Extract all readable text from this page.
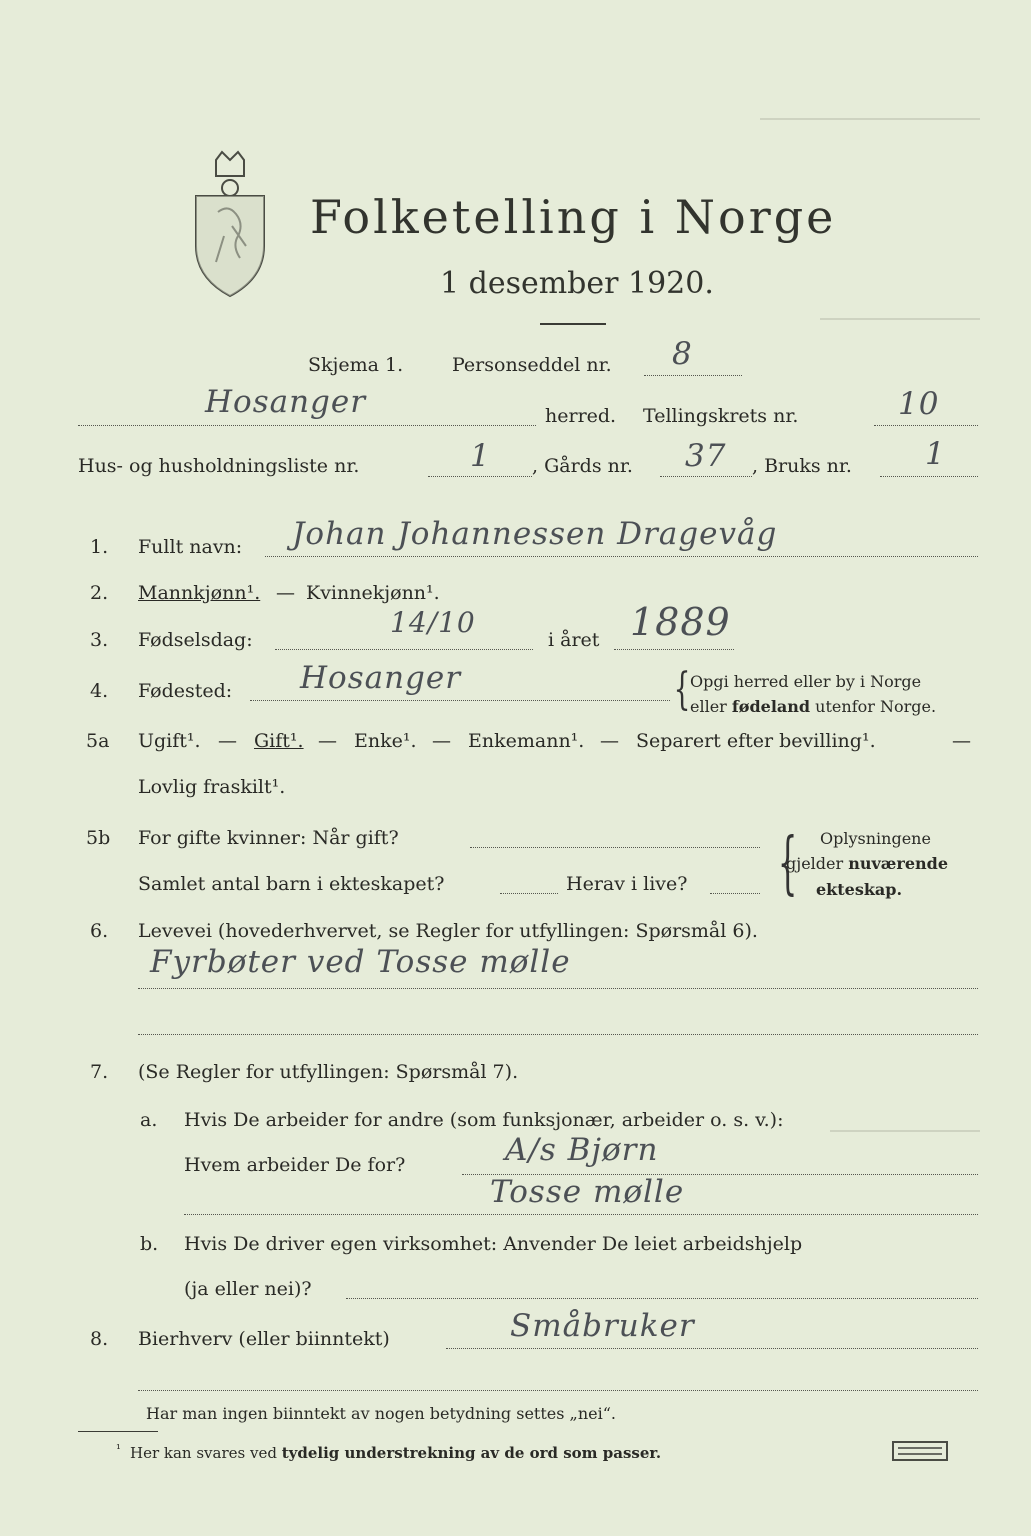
Folketelling i Norge
1 desember 1920.
Skjema 1.	Personseddel nr. 8
Hosanger	herred. Tellingskrets nr.	10
Hus- og husholdningsliste nr.	1 , Gårds nr. 37 , Bruks nr. 1
1. Fullt navn: Johan Johannessen Dragevåg
2. Mannkjønn¹. — Kvinnekjønn¹.
3. Fødselsdag:
14/10
i året 1889
4. Fødested: Hosanger	{ Opgi herred eller by i Norge
eller fødeland utenfor Norge.
5a Ugift¹. — Gift¹. — Enke¹. — Enkemann¹. — Separert efter bevilling¹.	—
Lovlig fraskilt¹.
5b For gifte kvinner: Når gift?
Samlet antal barn i ekteskapet?	Herav i live? { Oplysningene
gjelder nuværende
ekteskap.
6. Levevei (hovederhvervet, se Regler for utfyllingen: Spørsmål 6).
Fyrbøter ved Tosse mølle
7. (Se Regler for utfyllingen: Spørsmål 7).
a. Hvis De arbeider for andre (som funksjonær, arbeider o. s. v.):
Hvem arbeider De for?	A/s Bjørn
Tosse mølle
b. Hvis De driver egen virksomhet: Anvender De leiet arbeidshjelp
(ja eller nei)?
8. Bierhverv (eller biinntekt)	Småbruker
Har man ingen biinntekt av nogen betydning settes „nei“.
¹ Her kan svares ved tydelig understrekning av de ord som passer.
